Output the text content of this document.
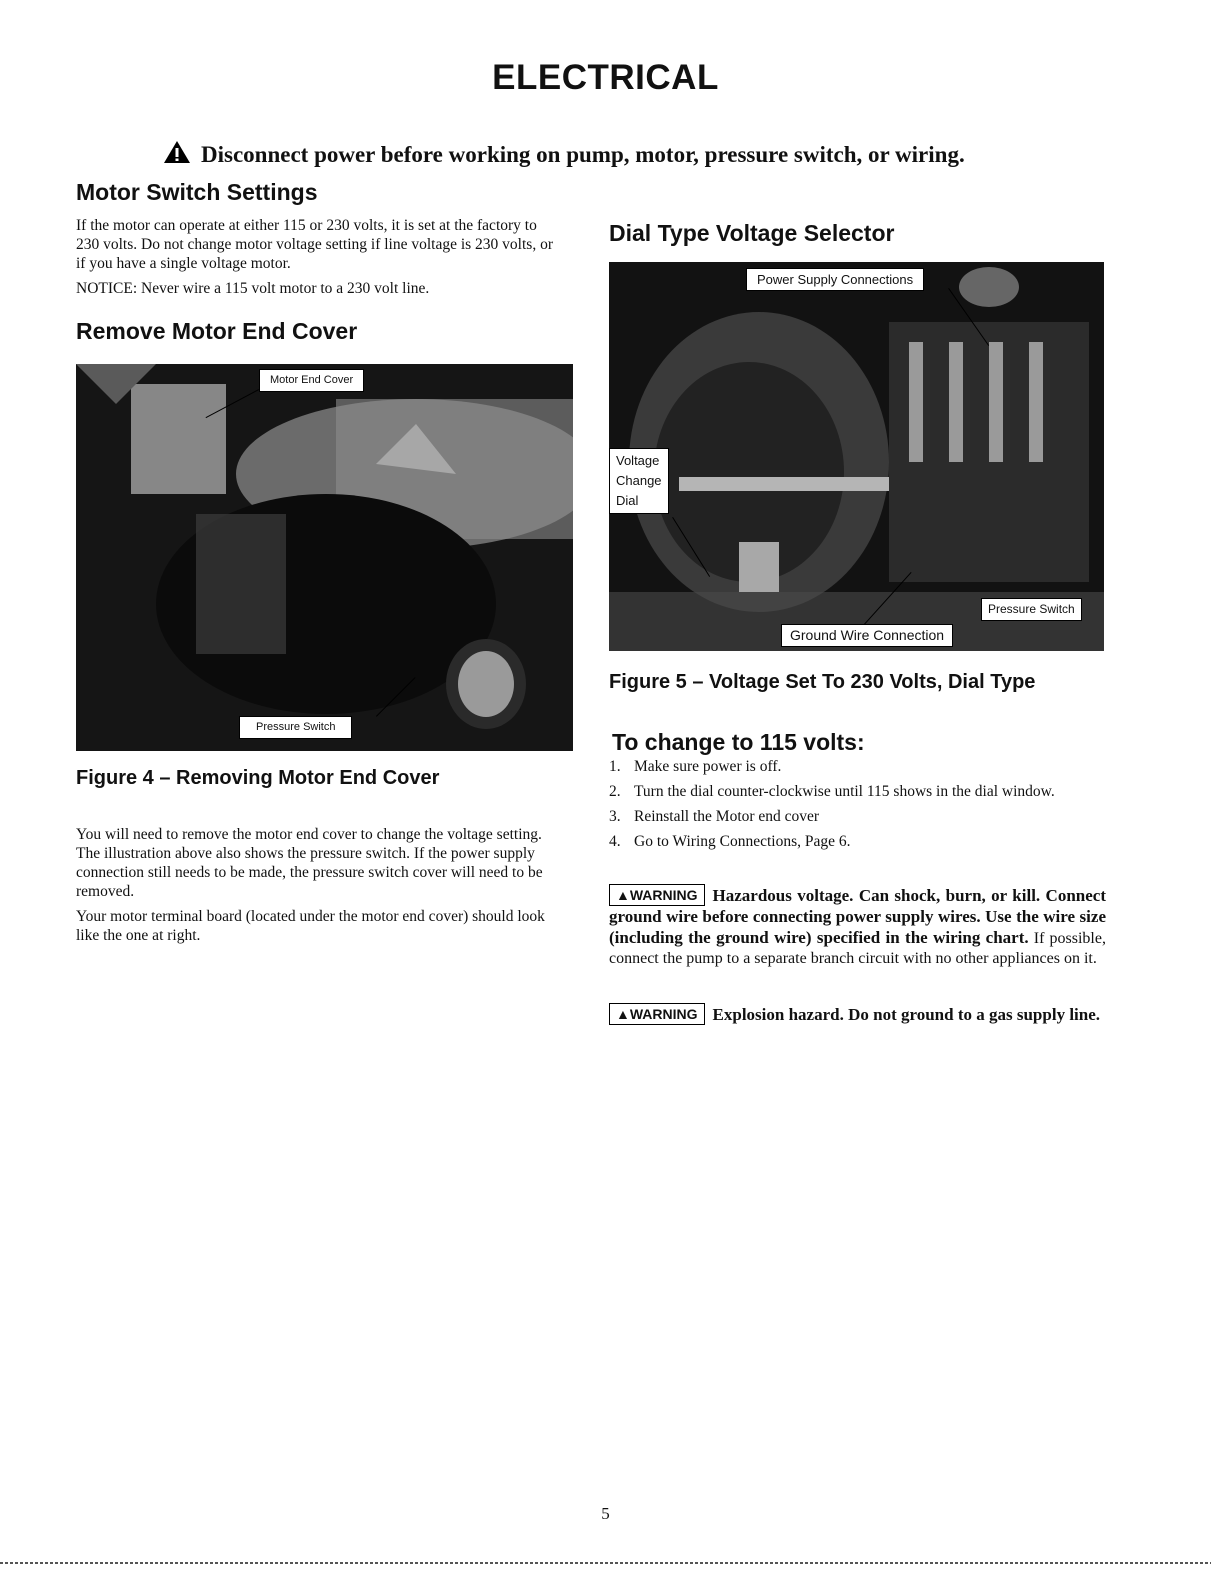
ELECTRICAL
Disconnect power before working on pump, motor, pressure switch, or wiring.
Motor Switch Settings

If the motor can operate at either 115 or 230 volts, it is set at the factory to 230 volts. Do not change motor voltage setting if line voltage is 230 volts, or if you have a single voltage motor.

NOTICE: Never wire a 115 volt motor to a 230 volt line.

Remove Motor End Cover
Motor End Cover
Pressure Switch
Figure 4 – Removing Motor End Cover

You will need to remove the motor end cover to change the voltage setting. The illustration above also shows the pressure switch. If the power supply connection still needs to be made, the pressure switch cover will need to be removed.

Your motor terminal board (located under the motor end cover) should look like the one at right.

Dial Type Voltage Selector
Power Supply Connections
Voltage
Change
Dial
Pressure Switch
Ground Wire Connection
Figure 5 – Voltage Set To 230 Volts, Dial Type
To change to 115 volts:
1. Make sure power is off.
2. Turn the dial counter-clockwise until 115 shows in the dial window.
3. Reinstall the Motor end cover
4. Go to Wiring Connections, Page 6.
▲WARNING Hazardous voltage. Can shock, burn, or kill. Connect ground wire before connecting power supply wires. Use the wire size (including the ground wire) specified in the wiring chart. If possible, connect the pump to a separate branch circuit with no other appliances on it.
▲WARNING Explosion hazard. Do not ground to a gas supply line.
5
